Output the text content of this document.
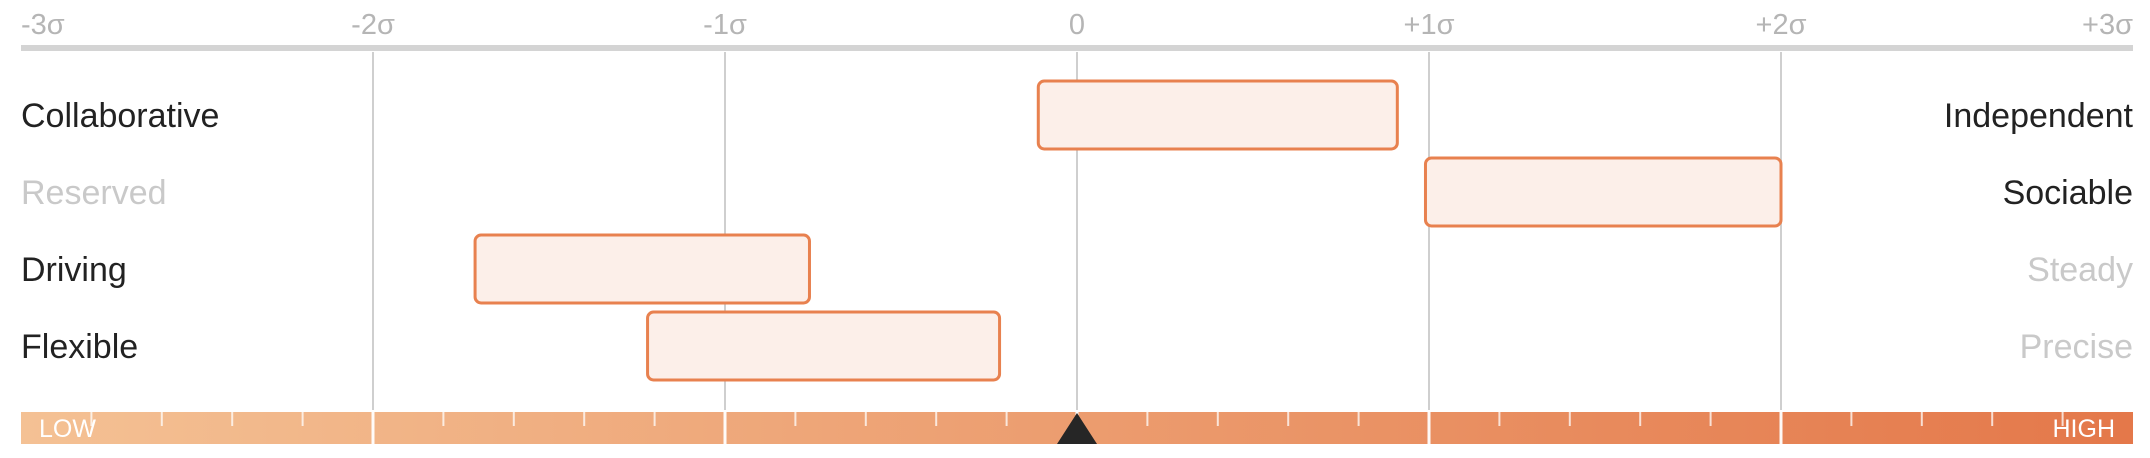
-3σ	-2σ	-1σ	0	+1σ	+2σ	+3σ
Collaborative	Independent
Reserved	Sociable
Driving	Steady
Flexible	Precise
LOW	HIGH
